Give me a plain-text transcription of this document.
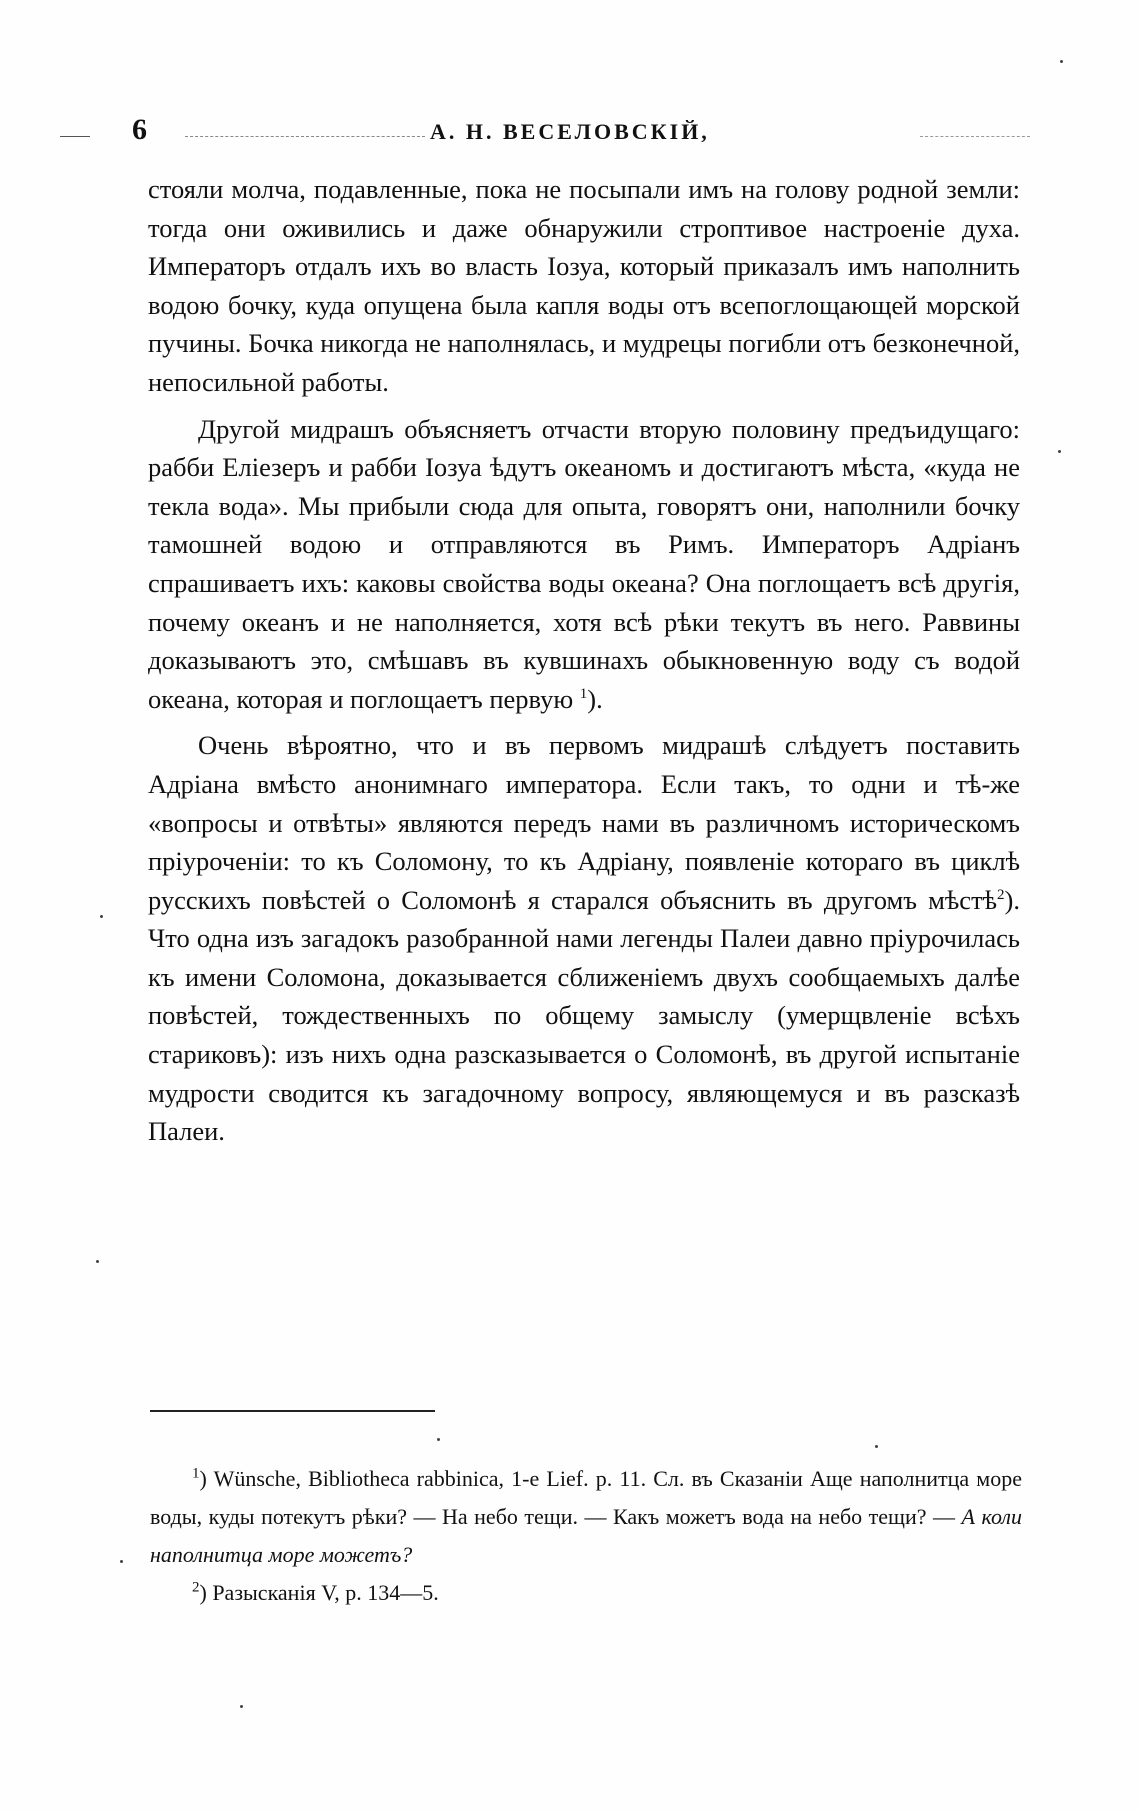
6	А. Н. ВЕСЕЛОВСКІЙ,

стояли молча, подавленные, пока не посыпали имъ на голову родной земли: тогда они оживились и даже обнаружили строптивое настроеніе духа. Императоръ отдалъ ихъ во власть Іозуа, который приказалъ имъ наполнить водою бочку, куда опущена была капля воды отъ всепоглощающей морской пучины. Бочка никогда не наполнялась, и мудрецы погибли отъ безконечной, непосильной работы.

Другой мидрашъ объясняетъ отчасти вторую половину предъидущаго: рабби Еліезеръ и рабби Іозуа ѣдутъ океаномъ и достигаютъ мѣста, «куда не текла вода». Мы прибыли сюда для опыта, говорятъ они, наполнили бочку тамошней водою и отправляются въ Римъ. Императоръ Адріанъ спрашиваетъ ихъ: каковы свойства воды океана? Она поглощаетъ всѣ другія, почему океанъ и не наполняется, хотя всѣ рѣки текутъ въ него. Раввины доказываютъ это, смѣшавъ въ кувшинахъ обыкновенную воду съ водой океана, которая и поглощаетъ первую $^1$).

Очень вѣроятно, что и въ первомъ мидрашѣ слѣдуетъ поставить Адріана вмѣсто анонимнаго императора. Если такъ, то одни и тѣ-же «вопросы и отвѣты» являются передъ нами въ различномъ историческомъ пріуроченіи: то къ Соломону, то къ Адріану, появленіе котораго въ циклѣ русскихъ повѣстей о Соломонѣ я старался объяснить въ другомъ мѣстѣ$^2$). Что одна изъ загадокъ разобранной нами легенды Палеи давно пріурочилась къ имени Соломона, доказывается сближеніемъ двухъ сообщаемыхъ далѣе повѣстей, тождественныхъ по общему замыслу (умерщвленіе всѣхъ стариковъ): изъ нихъ одна разсказывается о Соломонѣ, въ другой испытаніе мудрости сводится къ загадочному вопросу, являющемуся и въ разсказѣ Палеи.

$^1$) Wünsche, Bibliotheca rabbinica, 1-e Lief. p. 11. Сл. въ Сказаніи Аще наполнитца море воды, куды потекутъ рѣки? — На небо тещи. — Какъ можетъ вода на небо тещи? — А коли наполнитца море можетъ?

$^2$) Разысканія V, р. 134—5.
